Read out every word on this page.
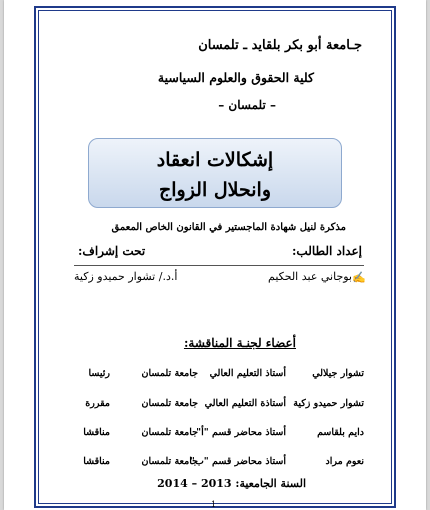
جـامعة أبو بكر بلقايد ـ تلمسان
كلية الحقوق والعلوم السياسية
– تلمسان –
إشكالات انعقاد
وانحلال الزواج
مذكرة لنيل شهادة الماجستير في القانون الخاص المعمق
إعداد الطالب:
تحت إشراف:
✍
بوجاني عبد الحكيم
أ.د./ تشوار حميدو زكية
أعضاء لجنـة المناقشة:
تشوار جيلالي
أستاذ التعليم العالي
جامعة تلمسان
رئيسا
تشوار حميدو زكية
أستاذة التعليم العالي
جامعة تلمسان
مقررة
دايم بلقاسم
أستاذ محاضر قسم "أ"
جامعة تلمسان
مناقشا
نعوم مراد
أستاذ محاضر قسم "ب"
جامعة تلمسان
مناقشا
السنة الجامعية: 2013 – 2014
1
